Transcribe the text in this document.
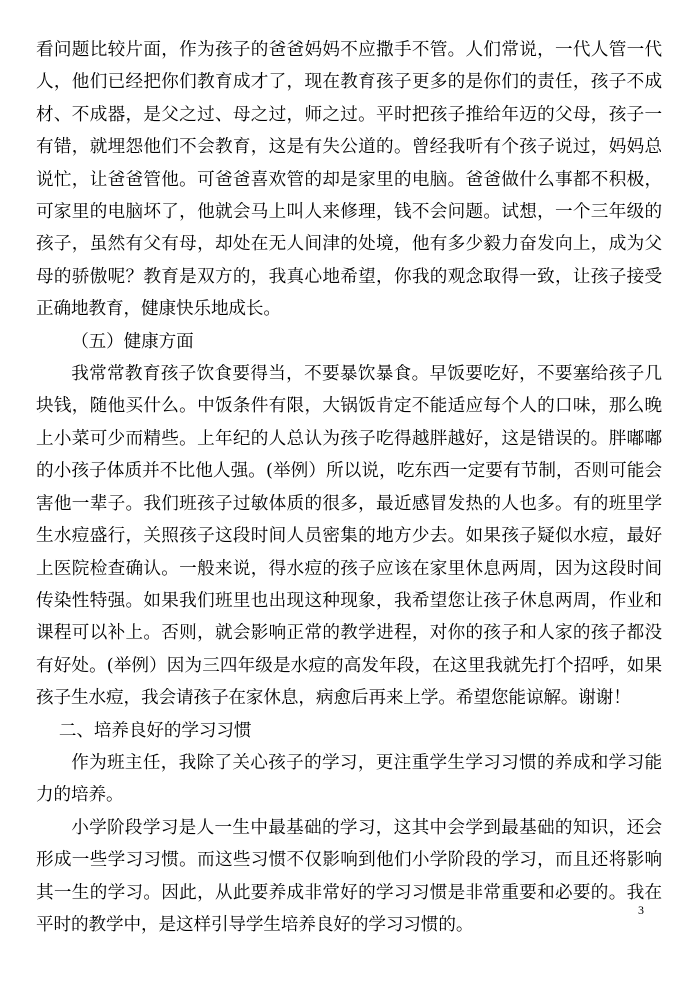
看问题比较片面，作为孩子的爸爸妈妈不应撒手不管。人们常说，一代人管一代人，他们已经把你们教育成才了，现在教育孩子更多的是你们的责任，孩子不成材、不成器，是父之过、母之过，师之过。平时把孩子推给年迈的父母，孩子一有错，就埋怨他们不会教育，这是有失公道的。曾经我听有个孩子说过，妈妈总说忙，让爸爸管他。可爸爸喜欢管的却是家里的电脑。爸爸做什么事都不积极，可家里的电脑坏了，他就会马上叫人来修理，钱不会问题。试想，一个三年级的孩子，虽然有父有母，却处在无人间津的处境，他有多少毅力奋发向上，成为父母的骄傲呢？教育是双方的，我真心地希望，你我的观念取得一致，让孩子接受正确地教育，健康快乐地成长。

（五）健康方面

我常常教育孩子饮食要得当，不要暴饮暴食。早饭要吃好，不要塞给孩子几块钱，随他买什么。中饭条件有限，大锅饭肯定不能适应每个人的口味，那么晚上小菜可少而精些。上年纪的人总认为孩子吃得越胖越好，这是错误的。胖嘟嘟的小孩子体质并不比他人强。(举例）所以说，吃东西一定要有节制，否则可能会害他一辈子。我们班孩子过敏体质的很多，最近感冒发热的人也多。有的班里学生水痘盛行，关照孩子这段时间人员密集的地方少去。如果孩子疑似水痘，最好上医院检查确认。一般来说，得水痘的孩子应该在家里休息两周，因为这段时间传染性特强。如果我们班里也出现这种现象，我希望您让孩子休息两周，作业和课程可以补上。否则，就会影响正常的教学进程，对你的孩子和人家的孩子都没有好处。(举例）因为三四年级是水痘的高发年段，在这里我就先打个招呼，如果孩子生水痘，我会请孩子在家休息，病愈后再来上学。希望您能谅解。谢谢！

二、培养良好的学习习惯

作为班主任，我除了关心孩子的学习，更注重学生学习习惯的养成和学习能力的培养。

小学阶段学习是人一生中最基础的学习，这其中会学到最基础的知识，还会形成一些学习习惯。而这些习惯不仅影响到他们小学阶段的学习，而且还将影响其一生的学习。因此，从此要养成非常好的学习习惯是非常重要和必要的。我在平时的教学中，是这样引导学生培养良好的学习习惯的。

3
